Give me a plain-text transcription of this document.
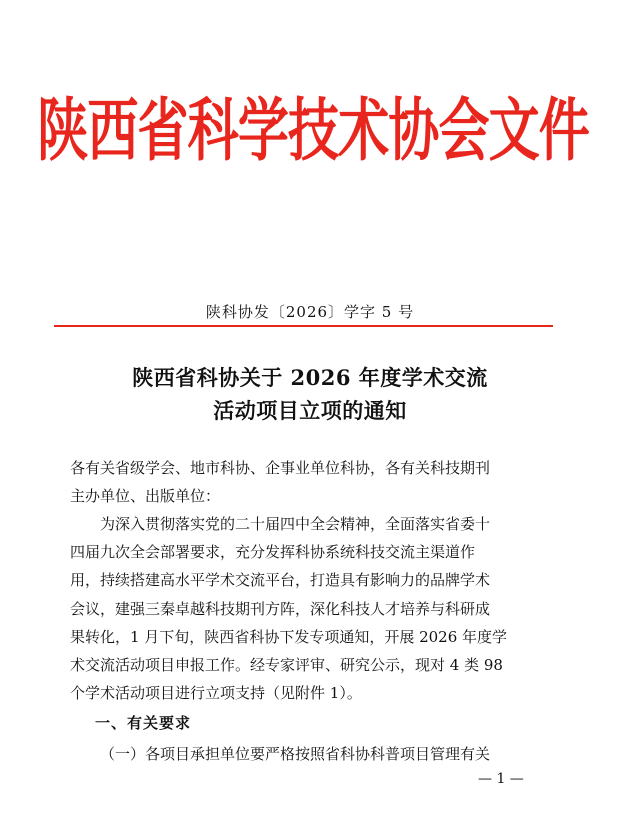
陕西省科学技术协会文件
陕科协发〔2026〕学字 5 号
陕西省科协关于 2026 年度学术交流
活动项目立项的通知
各有关省级学会、地市科协、企事业单位科协，各有关科技期刊
主办单位、出版单位：
　　为深入贯彻落实党的二十届四中全会精神，全面落实省委十
四届九次全会部署要求，充分发挥科协系统科技交流主渠道作
用，持续搭建高水平学术交流平台，打造具有影响力的品牌学术
会议，建强三秦卓越科技期刊方阵，深化科技人才培养与科研成
果转化，1 月下旬，陕西省科协下发专项通知，开展 2026 年度学
术交流活动项目申报工作。经专家评审、研究公示，现对 4 类 98
个学术活动项目进行立项支持（见附件 1）。
一、有关要求
（一）各项目承担单位要严格按照省科协科普项目管理有关
— 1 —
